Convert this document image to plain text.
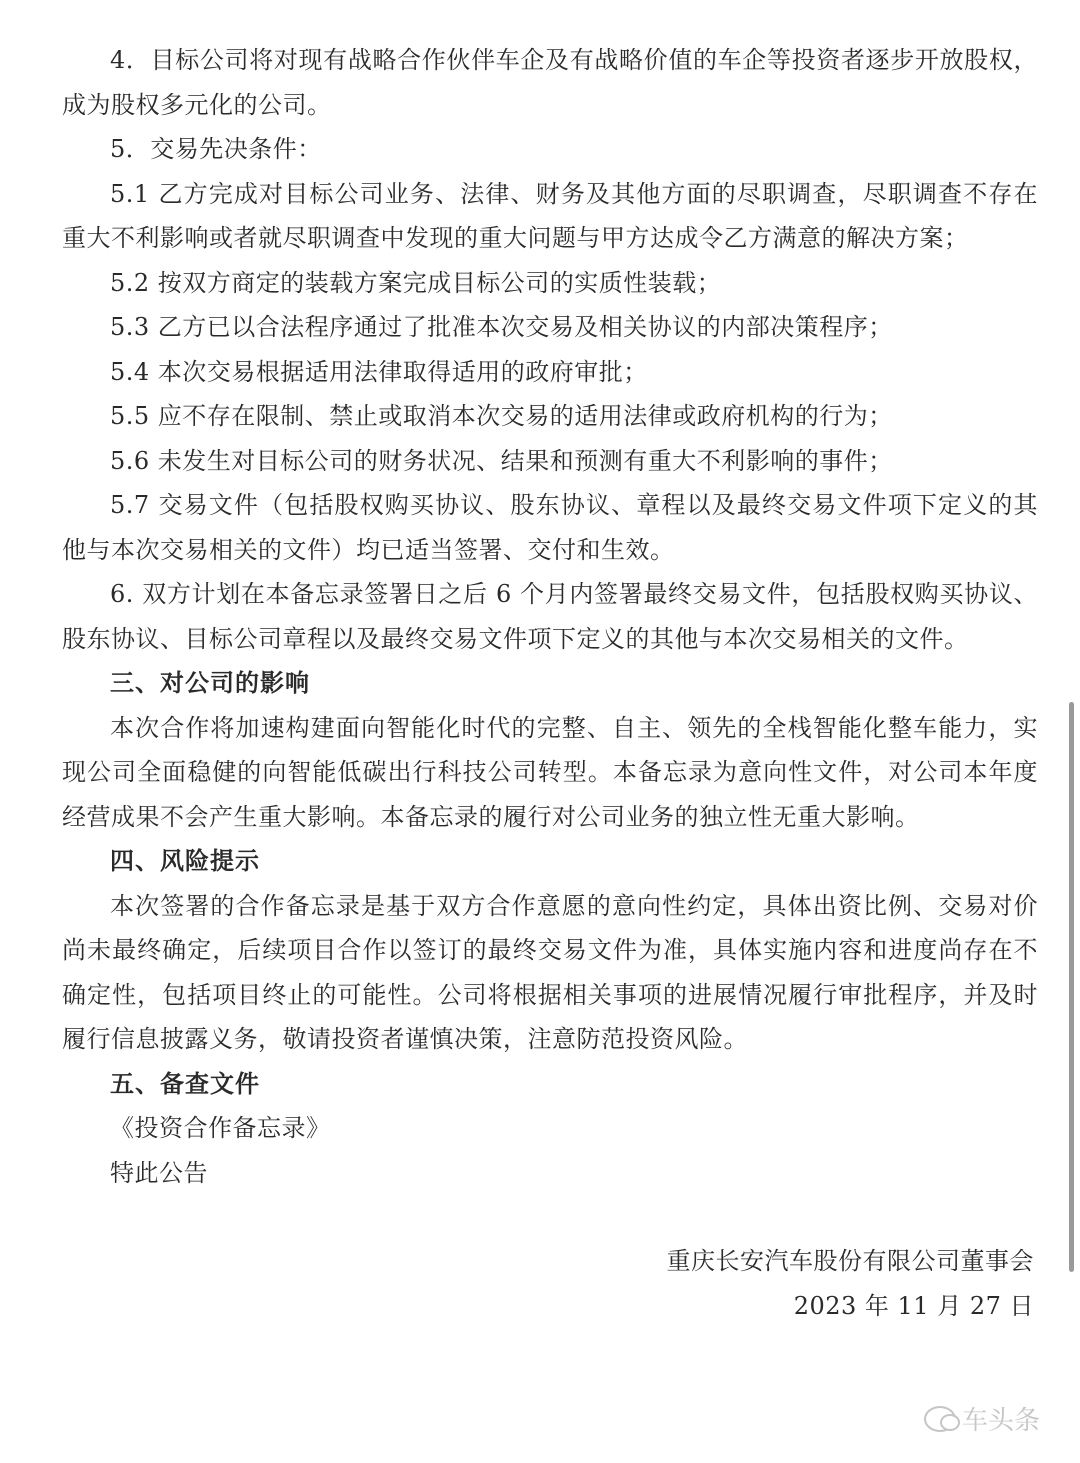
4．目标公司将对现有战略合作伙伴车企及有战略价值的车企等投资者逐步开放股权，成为股权多元化的公司。

5．交易先决条件：

5.1 乙方完成对目标公司业务、法律、财务及其他方面的尽职调查，尽职调查不存在重大不利影响或者就尽职调查中发现的重大问题与甲方达成令乙方满意的解决方案；

5.2 按双方商定的装载方案完成目标公司的实质性装载；

5.3 乙方已以合法程序通过了批准本次交易及相关协议的内部决策程序；

5.4 本次交易根据适用法律取得适用的政府审批；

5.5 应不存在限制、禁止或取消本次交易的适用法律或政府机构的行为；

5.6 未发生对目标公司的财务状况、结果和预测有重大不利影响的事件；

5.7 交易文件（包括股权购买协议、股东协议、章程以及最终交易文件项下定义的其他与本次交易相关的文件）均已适当签署、交付和生效。

6. 双方计划在本备忘录签署日之后 6 个月内签署最终交易文件，包括股权购买协议、股东协议、目标公司章程以及最终交易文件项下定义的其他与本次交易相关的文件。

三、对公司的影响

本次合作将加速构建面向智能化时代的完整、自主、领先的全栈智能化整车能力，实现公司全面稳健的向智能低碳出行科技公司转型。本备忘录为意向性文件，对公司本年度经营成果不会产生重大影响。本备忘录的履行对公司业务的独立性无重大影响。

四、风险提示

本次签署的合作备忘录是基于双方合作意愿的意向性约定，具体出资比例、交易对价尚未最终确定，后续项目合作以签订的最终交易文件为准，具体实施内容和进度尚存在不确定性，包括项目终止的可能性。公司将根据相关事项的进展情况履行审批程序，并及时履行信息披露义务，敬请投资者谨慎决策，注意防范投资风险。

五、备查文件

《投资合作备忘录》

特此公告

重庆长安汽车股份有限公司董事会

2023 年 11 月 27 日

车头条
